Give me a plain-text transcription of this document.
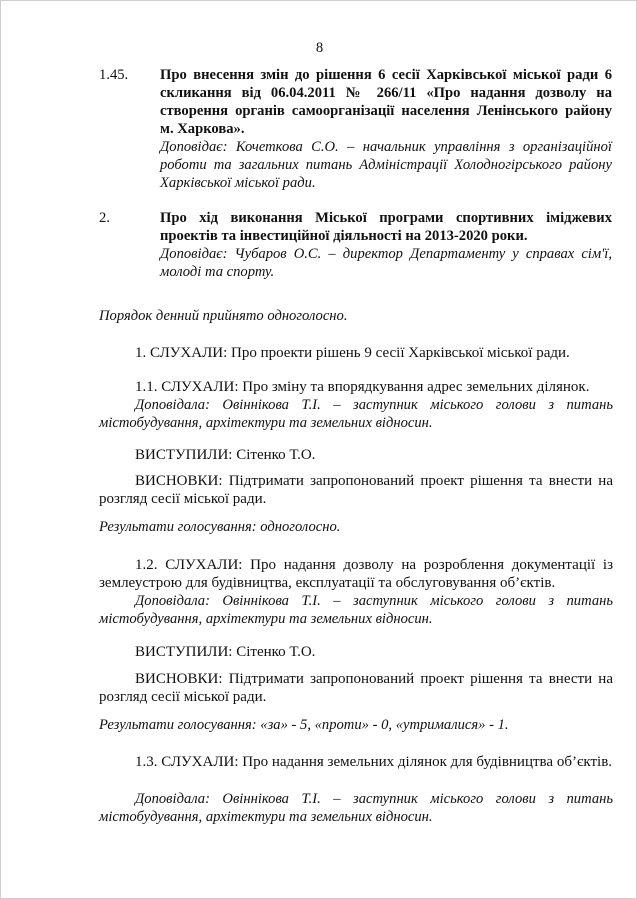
8
1.45. Про внесення змін до рішення 6 сесії Харківської міської ради 6 скликання від 06.04.2011 № 266/11 «Про надання дозволу на створення органів самоорганізації населення Ленінського району м. Харкова».
Доповідає: Кочеткова С.О. – начальник управління з організаційної роботи та загальних питань Адміністрації Холодногірського району Харківської міської ради.
2.	Про хід виконання Міської програми спортивних іміджевих проектів та інвестиційної діяльності на 2013-2020 роки.
Доповідає: Чубаров О.С. – директор Департаменту у справах сім'ї, молоді та спорту.
Порядок денний прийнято одноголосно.
1. СЛУХАЛИ: Про проекти рішень 9 сесії Харківської міської ради.
1.1. СЛУХАЛИ: Про зміну та впорядкування адрес земельних ділянок.
Доповідала: Овіннікова Т.І. – заступник міського голови з питань містобудування, архітектури та земельних відносин.
ВИСТУПИЛИ: Сітенко Т.О.
ВИСНОВКИ: Підтримати запропонований проект рішення та внести на розгляд сесії міської ради.
Результати голосування: одноголосно.
1.2. СЛУХАЛИ: Про надання дозволу на розроблення документації із землеустрою для будівництва, експлуатації та обслуговування об’єктів.
Доповідала: Овіннікова Т.І. – заступник міського голови з питань містобудування, архітектури та земельних відносин.
ВИСТУПИЛИ: Сітенко Т.О.
ВИСНОВКИ: Підтримати запропонований проект рішення та внести на розгляд сесії міської ради.
Результати голосування: «за» - 5, «проти» - 0, «утрималися» - 1.
1.3. СЛУХАЛИ: Про надання земельних ділянок для будівництва об’єктів.
Доповідала: Овіннікова Т.І. – заступник міського голови з питань містобудування, архітектури та земельних відносин.
